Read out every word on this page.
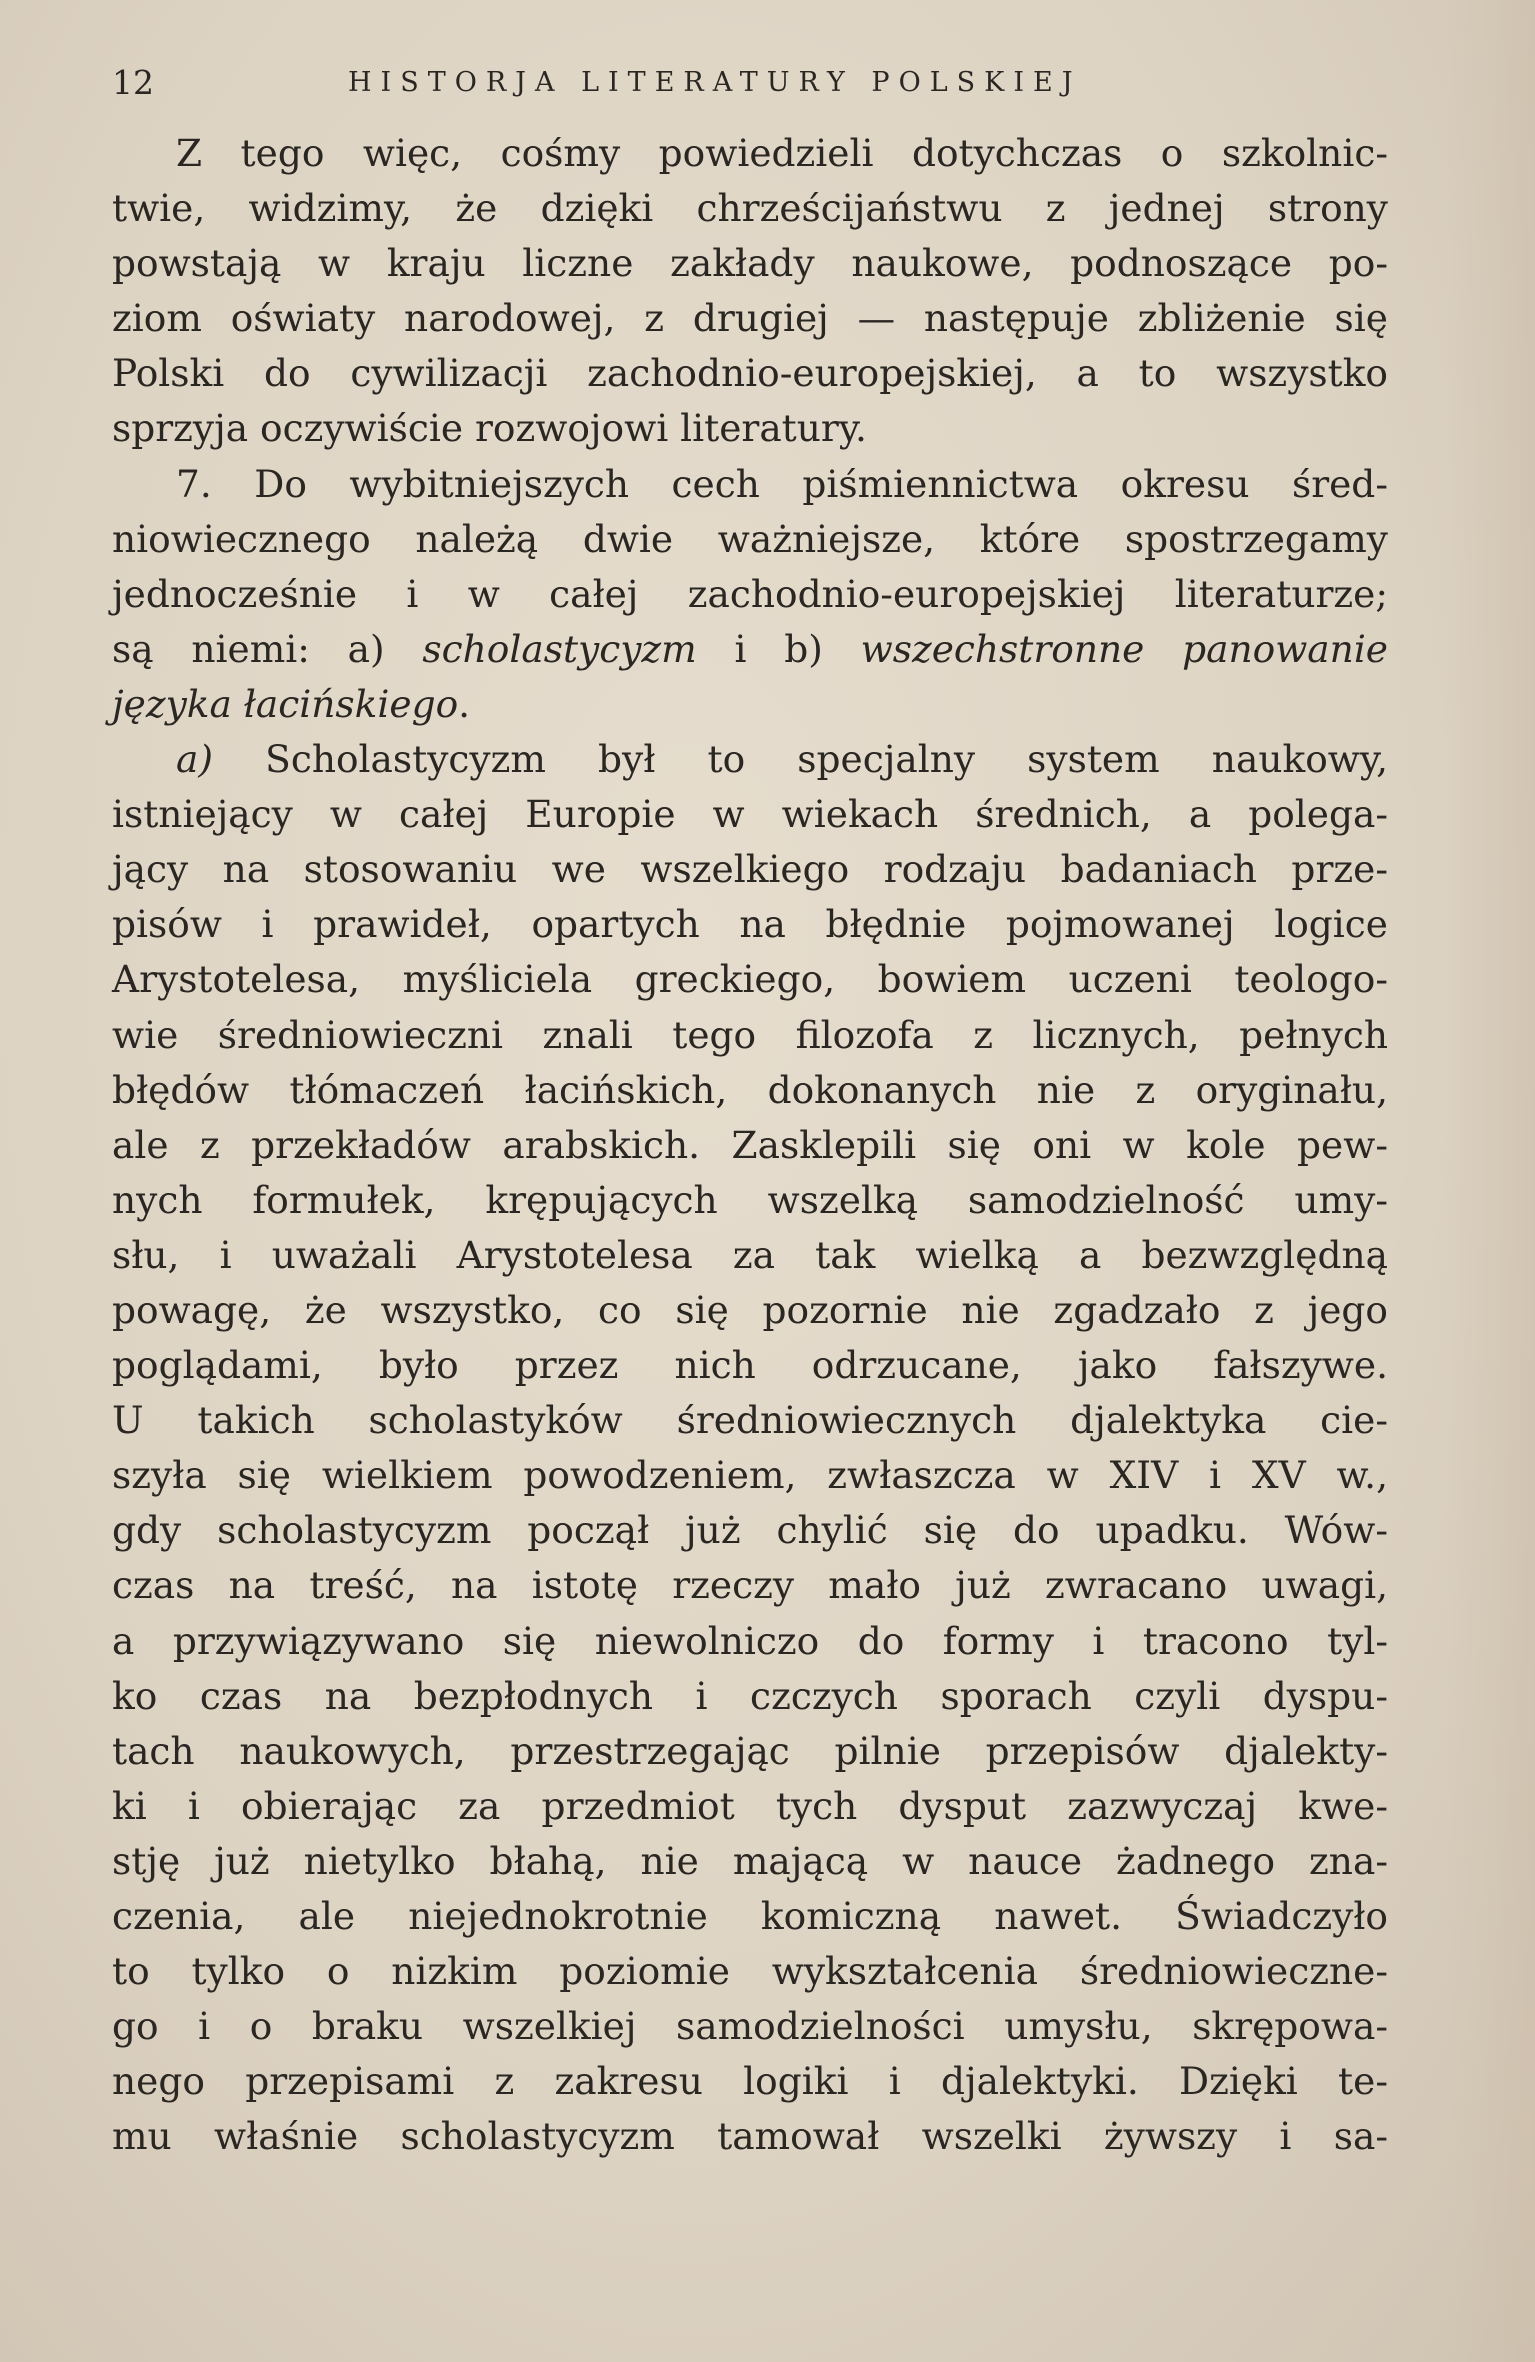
12	HISTORJA LITERATURY POLSKIEJ
Z tego więc, cośmy powiedzieli dotychczas o szkolnic-
twie, widzimy, że dzięki chrześcijaństwu z jednej strony
powstają w kraju liczne zakłady naukowe, podnoszące po-
ziom oświaty narodowej, z drugiej — następuje zbliżenie się
Polski do cywilizacji zachodnio-europejskiej, a to wszystko
sprzyja oczywiście rozwojowi literatury.
7. Do wybitniejszych cech piśmiennictwa okresu śred-
niowiecznego należą dwie ważniejsze, które spostrzegamy
jednocześnie i w całej zachodnio-europejskiej literaturze;
są niemi: a) scholastycyzm i b) wszechstronne panowanie
języka łacińskiego.
a) Scholastycyzm był to specjalny system naukowy,
istniejący w całej Europie w wiekach średnich, a polega-
jący na stosowaniu we wszelkiego rodzaju badaniach prze-
pisów i prawideł, opartych na błędnie pojmowanej logice
Arystotelesa, myśliciela greckiego, bowiem uczeni teologo-
wie średniowieczni znali tego filozofa z licznych, pełnych
błędów tłómaczeń łacińskich, dokonanych nie z oryginału,
ale z przekładów arabskich. Zasklepili się oni w kole pew-
nych formułek, krępujących wszelką samodzielność umy-
słu, i uważali Arystotelesa za tak wielką a bezwzględną
powagę, że wszystko, co się pozornie nie zgadzało z jego
poglądami, było przez nich odrzucane, jako fałszywe.
U takich scholastyków średniowiecznych djalektyka cie-
szyła się wielkiem powodzeniem, zwłaszcza w XIV i XV w.,
gdy scholastycyzm począł już chylić się do upadku. Wów-
czas na treść, na istotę rzeczy mało już zwracano uwagi,
a przywiązywano się niewolniczo do formy i tracono tyl-
ko czas na bezpłodnych i czczych sporach czyli dyspu-
tach naukowych, przestrzegając pilnie przepisów djalekty-
ki i obierając za przedmiot tych dysput zazwyczaj kwe-
stję już nietylko błahą, nie mającą w nauce żadnego zna-
czenia, ale niejednokrotnie komiczną nawet. Świadczyło
to tylko o nizkim poziomie wykształcenia średniowieczne-
go i o braku wszelkiej samodzielności umysłu, skrępowa-
nego przepisami z zakresu logiki i djalektyki. Dzięki te-
mu właśnie scholastycyzm tamował wszelki żywszy i sa-
